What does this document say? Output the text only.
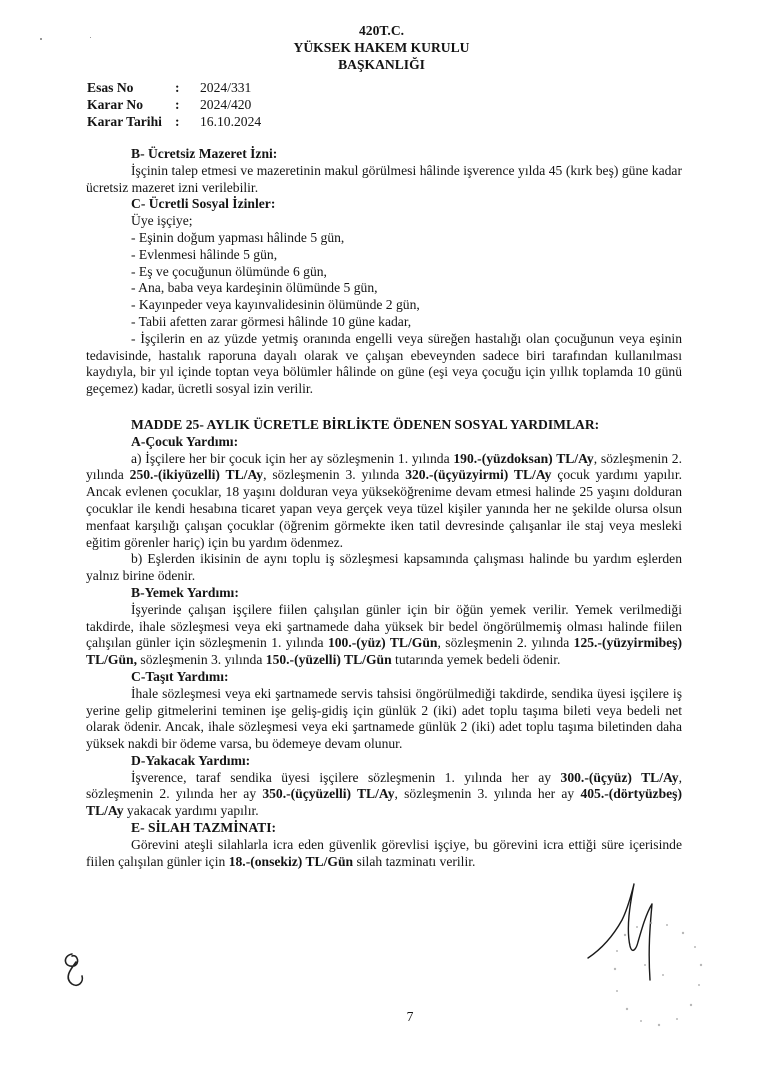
420T.C.
YÜKSEK HAKEM KURULU
BAŞKANLIĞI
Esas No	:	2024/331
Karar No	:	2024/420
Karar Tarihi :	16.10.2024

B- Ücretsiz Mazeret İzni:

İşçinin talep etmesi ve mazeretinin makul görülmesi hâlinde işverence yılda 45 (kırk beş) güne kadar ücretsiz mazeret izni verilebilir.

C- Ücretli Sosyal İzinler:

Üye işçiye;

- Eşinin doğum yapması hâlinde 5 gün,

- Evlenmesi hâlinde 5 gün,

- Eş ve çocuğunun ölümünde 6 gün,

- Ana, baba veya kardeşinin ölümünde 5 gün,

- Kayınpeder veya kayınvalidesinin ölümünde 2 gün,

- Tabii afetten zarar görmesi hâlinde 10 güne kadar,

- İşçilerin en az yüzde yetmiş oranında engelli veya süreğen hastalığı olan çocuğunun veya eşinin tedavisinde, hastalık raporuna dayalı olarak ve çalışan ebeveynden sadece biri tarafından kullanılması kaydıyla, bir yıl içinde toptan veya bölümler hâlinde on güne (eşi veya çocuğu için yıllık toplamda 10 günü geçemez) kadar, ücretli sosyal izin verilir.

MADDE 25- AYLIK ÜCRETLE BİRLİKTE ÖDENEN SOSYAL YARDIMLAR:

A-Çocuk Yardımı:

a) İşçilere her bir çocuk için her ay sözleşmenin 1. yılında 190.-(yüzdoksan) TL/Ay, sözleşmenin 2. yılında 250.-(ikiyüzelli) TL/Ay, sözleşmenin 3. yılında 320.-(üçyüzyirmi) TL/Ay çocuk yardımı yapılır. Ancak evlenen çocuklar, 18 yaşını dolduran veya yükseköğrenime devam etmesi halinde 25 yaşını dolduran çocuklar ile kendi hesabına ticaret yapan veya gerçek veya tüzel kişiler yanında her ne şekilde olursa olsun menfaat karşılığı çalışan çocuklar (öğrenim görmekte iken tatil devresinde çalışanlar ile staj veya mesleki eğitim görenler hariç) için bu yardım ödenmez.

b) Eşlerden ikisinin de aynı toplu iş sözleşmesi kapsamında çalışması halinde bu yardım eşlerden yalnız birine ödenir.

B-Yemek Yardımı:

İşyerinde çalışan işçilere fiilen çalışılan günler için bir öğün yemek verilir. Yemek verilmediği takdirde, ihale sözleşmesi veya eki şartnamede daha yüksek bir bedel öngörülmemiş olması halinde fiilen çalışılan günler için sözleşmenin 1. yılında 100.-(yüz) TL/Gün, sözleşmenin 2. yılında 125.-(yüzyirmibeş) TL/Gün, sözleşmenin 3. yılında 150.-(yüzelli) TL/Gün tutarında yemek bedeli ödenir.

C-Taşıt Yardımı:

İhale sözleşmesi veya eki şartnamede servis tahsisi öngörülmediği takdirde, sendika üyesi işçilere iş yerine gelip gitmelerini teminen işe geliş-gidiş için günlük 2 (iki) adet toplu taşıma bileti veya bedeli net olarak ödenir. Ancak, ihale sözleşmesi veya eki şartnamede günlük 2 (iki) adet toplu taşıma biletinden daha yüksek nakdi bir ödeme varsa, bu ödemeye devam olunur.

D-Yakacak Yardımı:

İşverence, taraf sendika üyesi işçilere sözleşmenin 1. yılında her ay 300.-(üçyüz) TL/Ay, sözleşmenin 2. yılında her ay 350.-(üçyüzelli) TL/Ay, sözleşmenin 3. yılında her ay 405.-(dörtyüzbeş) TL/Ay yakacak yardımı yapılır.

E- SİLAH TAZMİNATI:

Görevini ateşli silahlarla icra eden güvenlik görevlisi işçiye, bu görevini icra ettiği süre içerisinde fiilen çalışılan günler için 18.-(onsekiz) TL/Gün silah tazminatı verilir.

7
